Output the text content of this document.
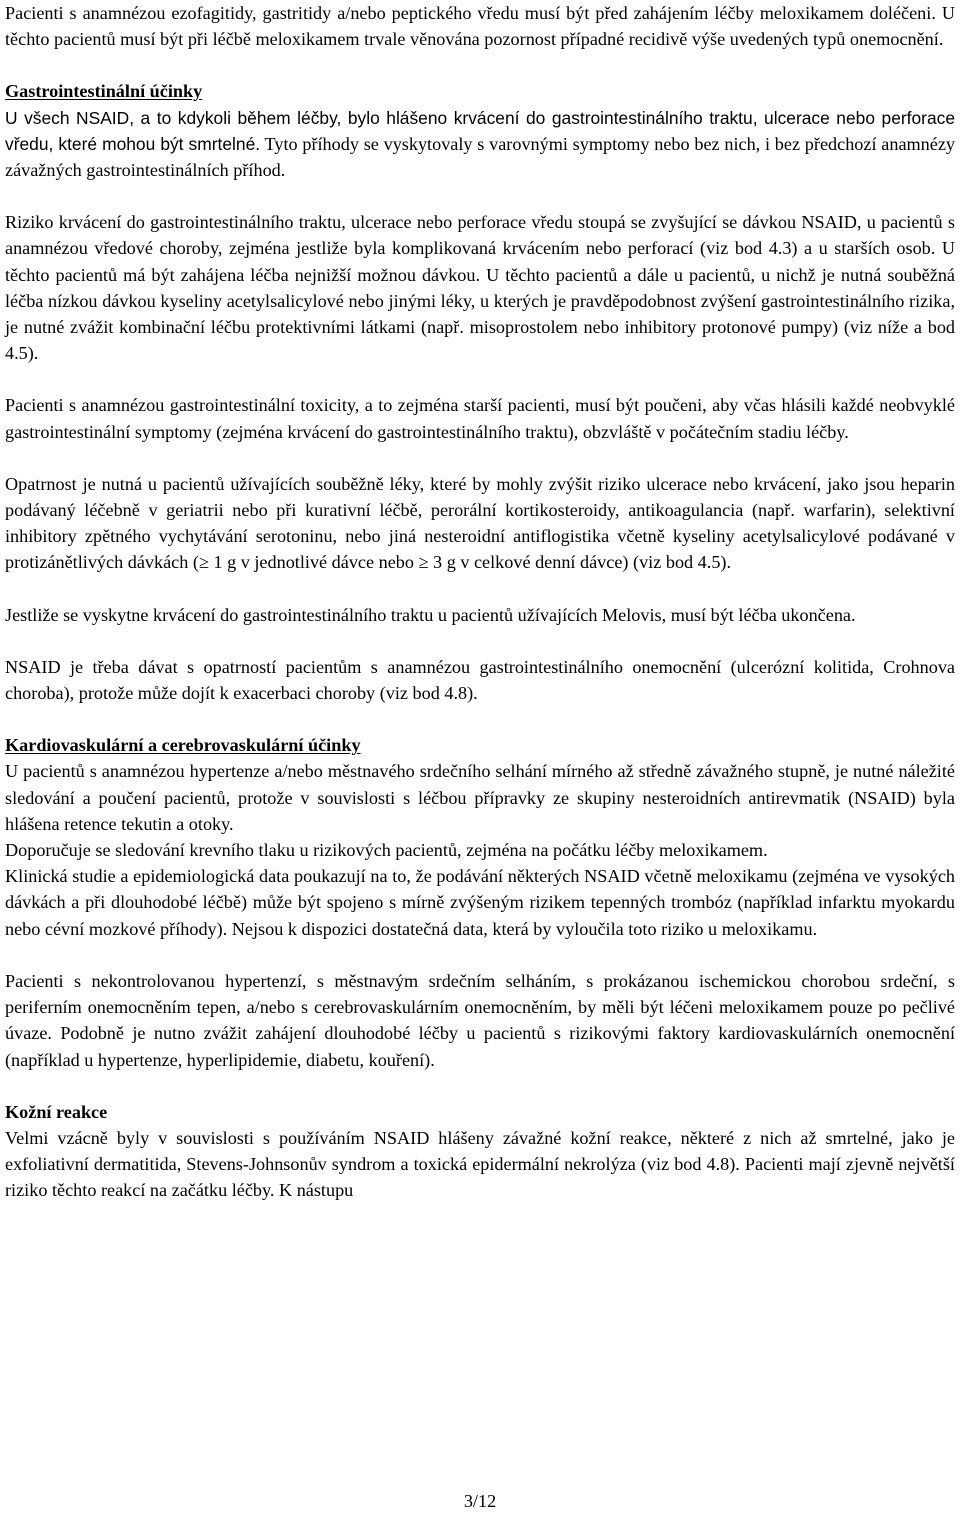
Pacienti s anamnézou ezofagitidy, gastritidy a/nebo peptického vředu musí být před zahájením léčby meloxikamem doléčeni. U těchto pacientů musí být při léčbě meloxikamem trvale věnována pozornost případné recidivě výše uvedených typů onemocnění.

Gastrointestinální účinky

U všech NSAID, a to kdykoli během léčby, bylo hlášeno krvácení do gastrointestinálního traktu, ulcerace nebo perforace vředu, které mohou být smrtelné. Tyto příhody se vyskytovaly s varovnými symptomy nebo bez nich, i bez předchozí anamnézy závažných gastrointestinálních příhod.

Riziko krvácení do gastrointestinálního traktu, ulcerace nebo perforace vředu stoupá se zvyšující se dávkou NSAID, u pacientů s anamnézou vředové choroby, zejména jestliže byla komplikovaná krvácením nebo perforací (viz bod 4.3) a u starších osob. U těchto pacientů má být zahájena léčba nejnižší možnou dávkou. U těchto pacientů a dále u pacientů, u nichž je nutná souběžná léčba nízkou dávkou kyseliny acetylsalicylové nebo jinými léky, u kterých je pravděpodobnost zvýšení gastrointestinálního rizika, je nutné zvážit kombinační léčbu protektivními látkami (např. misoprostolem nebo inhibitory protonové pumpy) (viz níže a bod 4.5).

Pacienti s anamnézou gastrointestinální toxicity, a to zejména starší pacienti, musí být poučeni, aby včas hlásili každé neobvyklé gastrointestinální symptomy (zejména krvácení do gastrointestinálního traktu), obzvláště v počátečním stadiu léčby.

Opatrnost je nutná u pacientů užívajících souběžně léky, které by mohly zvýšit riziko ulcerace nebo krvácení, jako jsou heparin podávaný léčebně v geriatrii nebo při kurativní léčbě, perorální kortikosteroidy, antikoagulancia (např. warfarin), selektivní inhibitory zpětného vychytávání serotoninu, nebo jiná nesteroidní antiflogistika včetně kyseliny acetylsalicylové podávané v protizánětlivých dávkách (≥ 1 g v jednotlivé dávce nebo ≥ 3 g v celkové denní dávce) (viz bod 4.5).

Jestliže se vyskytne krvácení do gastrointestinálního traktu u pacientů užívajících Melovis, musí být léčba ukončena.

NSAID je třeba dávat s opatrností pacientům s anamnézou gastrointestinálního onemocnění (ulcerózní kolitida, Crohnova choroba), protože může dojít k exacerbaci choroby (viz bod 4.8).

Kardiovaskulární a cerebrovaskulární účinky

U pacientů s anamnézou hypertenze a/nebo městnavého srdečního selhání mírného až středně závažného stupně, je nutné náležité sledování a poučení pacientů, protože v souvislosti s léčbou přípravky ze skupiny nesteroidních antirevmatik (NSAID) byla hlášena retence tekutin a otoky.

Doporučuje se sledování krevního tlaku u rizikových pacientů, zejména na počátku léčby meloxikamem.

Klinická studie a epidemiologická data poukazují na to, že podávání některých NSAID včetně meloxikamu (zejména ve vysokých dávkách a při dlouhodobé léčbě) může být spojeno s mírně zvýšeným rizikem tepenných trombóz (například infarktu myokardu nebo cévní mozkové příhody). Nejsou k dispozici dostatečná data, která by vyloučila toto riziko u meloxikamu.

Pacienti s nekontrolovanou hypertenzí, s městnavým srdečním selháním, s prokázanou ischemickou chorobou srdeční, s periferním onemocněním tepen, a/nebo s cerebrovaskulárním onemocněním, by měli být léčeni meloxikamem pouze po pečlivé úvaze. Podobně je nutno zvážit zahájení dlouhodobé léčby u pacientů s rizikovými faktory kardiovaskulárních onemocnění (například u hypertenze, hyperlipidemie, diabetu, kouření).

Kožní reakce

Velmi vzácně byly v souvislosti s používáním NSAID hlášeny závažné kožní reakce, některé z nich až smrtelné, jako je exfoliativní dermatitida, Stevens-Johnsonův syndrom a toxická epidermální nekrolýza (viz bod 4.8). Pacienti mají zjevně největší riziko těchto reakcí na začátku léčby. K nástupu

3/12
